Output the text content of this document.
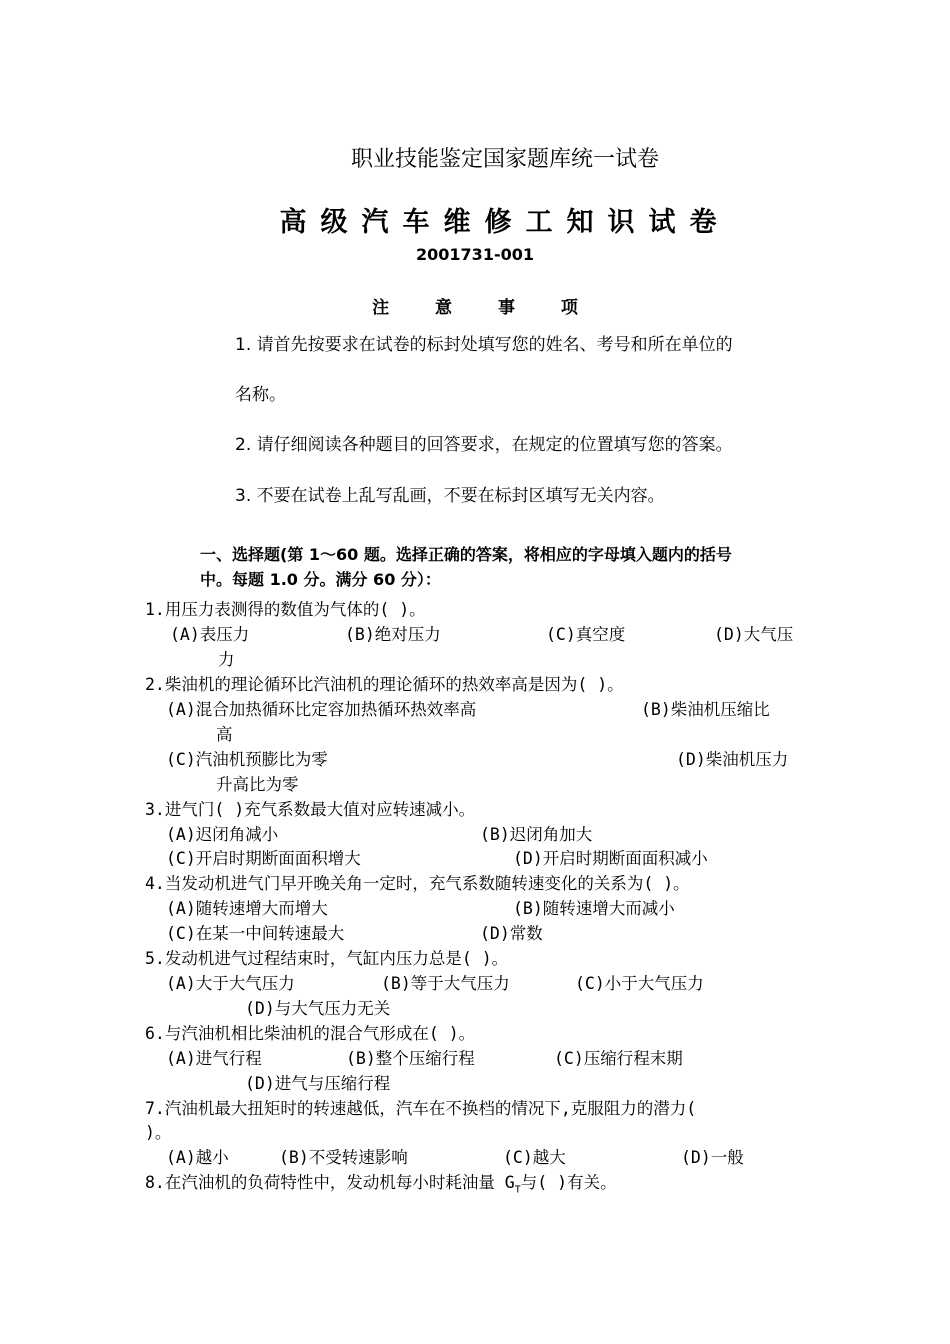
职业技能鉴定国家题库统一试卷
高级汽车维修工知识试卷
2001731-001
注 意 事 项
1. 请首先按要求在试卷的标封处填写您的姓名、考号和所在单位的
名称。
2. 请仔细阅读各种题目的回答要求，在规定的位置填写您的答案。
3. 不要在试卷上乱写乱画，不要在标封区填写无关内容。
一、选择题(第 1～60 题。选择正确的答案，将相应的字母填入题内的括号
中。每题 1.0 分。满分 60 分）：
1.用压力表测得的数值为气体的( )。
(A)表压力	(B)绝对压力	(C)真空度	(D)大气压
力
2.柴油机的理论循环比汽油机的理论循环的热效率高是因为( )。
(A)混合加热循环比定容加热循环热效率高	(B)柴油机压缩比
高
(C)汽油机预膨比为零	(D)柴油机压力
升高比为零
3.进气门( )充气系数最大值对应转速减小。
(A)迟闭角减小	(B)迟闭角加大
(C)开启时期断面面积增大	(D)开启时期断面面积减小
4.当发动机进气门早开晚关角一定时，充气系数随转速变化的关系为( )。
(A)随转速增大而增大	(B)随转速增大而减小
(C)在某一中间转速最大	(D)常数
5.发动机进气过程结束时，气缸内压力总是( )。
(A)大于大气压力	(B)等于大气压力	(C)小于大气压力
(D)与大气压力无关
6.与汽油机相比柴油机的混合气形成在( )。
(A)进气行程	(B)整个压缩行程	(C)压缩行程末期
(D)进气与压缩行程
7.汽油机最大扭矩时的转速越低，汽车在不换档的情况下,克服阻力的潜力(
)。
(A)越小	(B)不受转速影响	(C)越大	(D)一般
8.在汽油机的负荷特性中，发动机每小时耗油量 $G_T$与( )有关。
